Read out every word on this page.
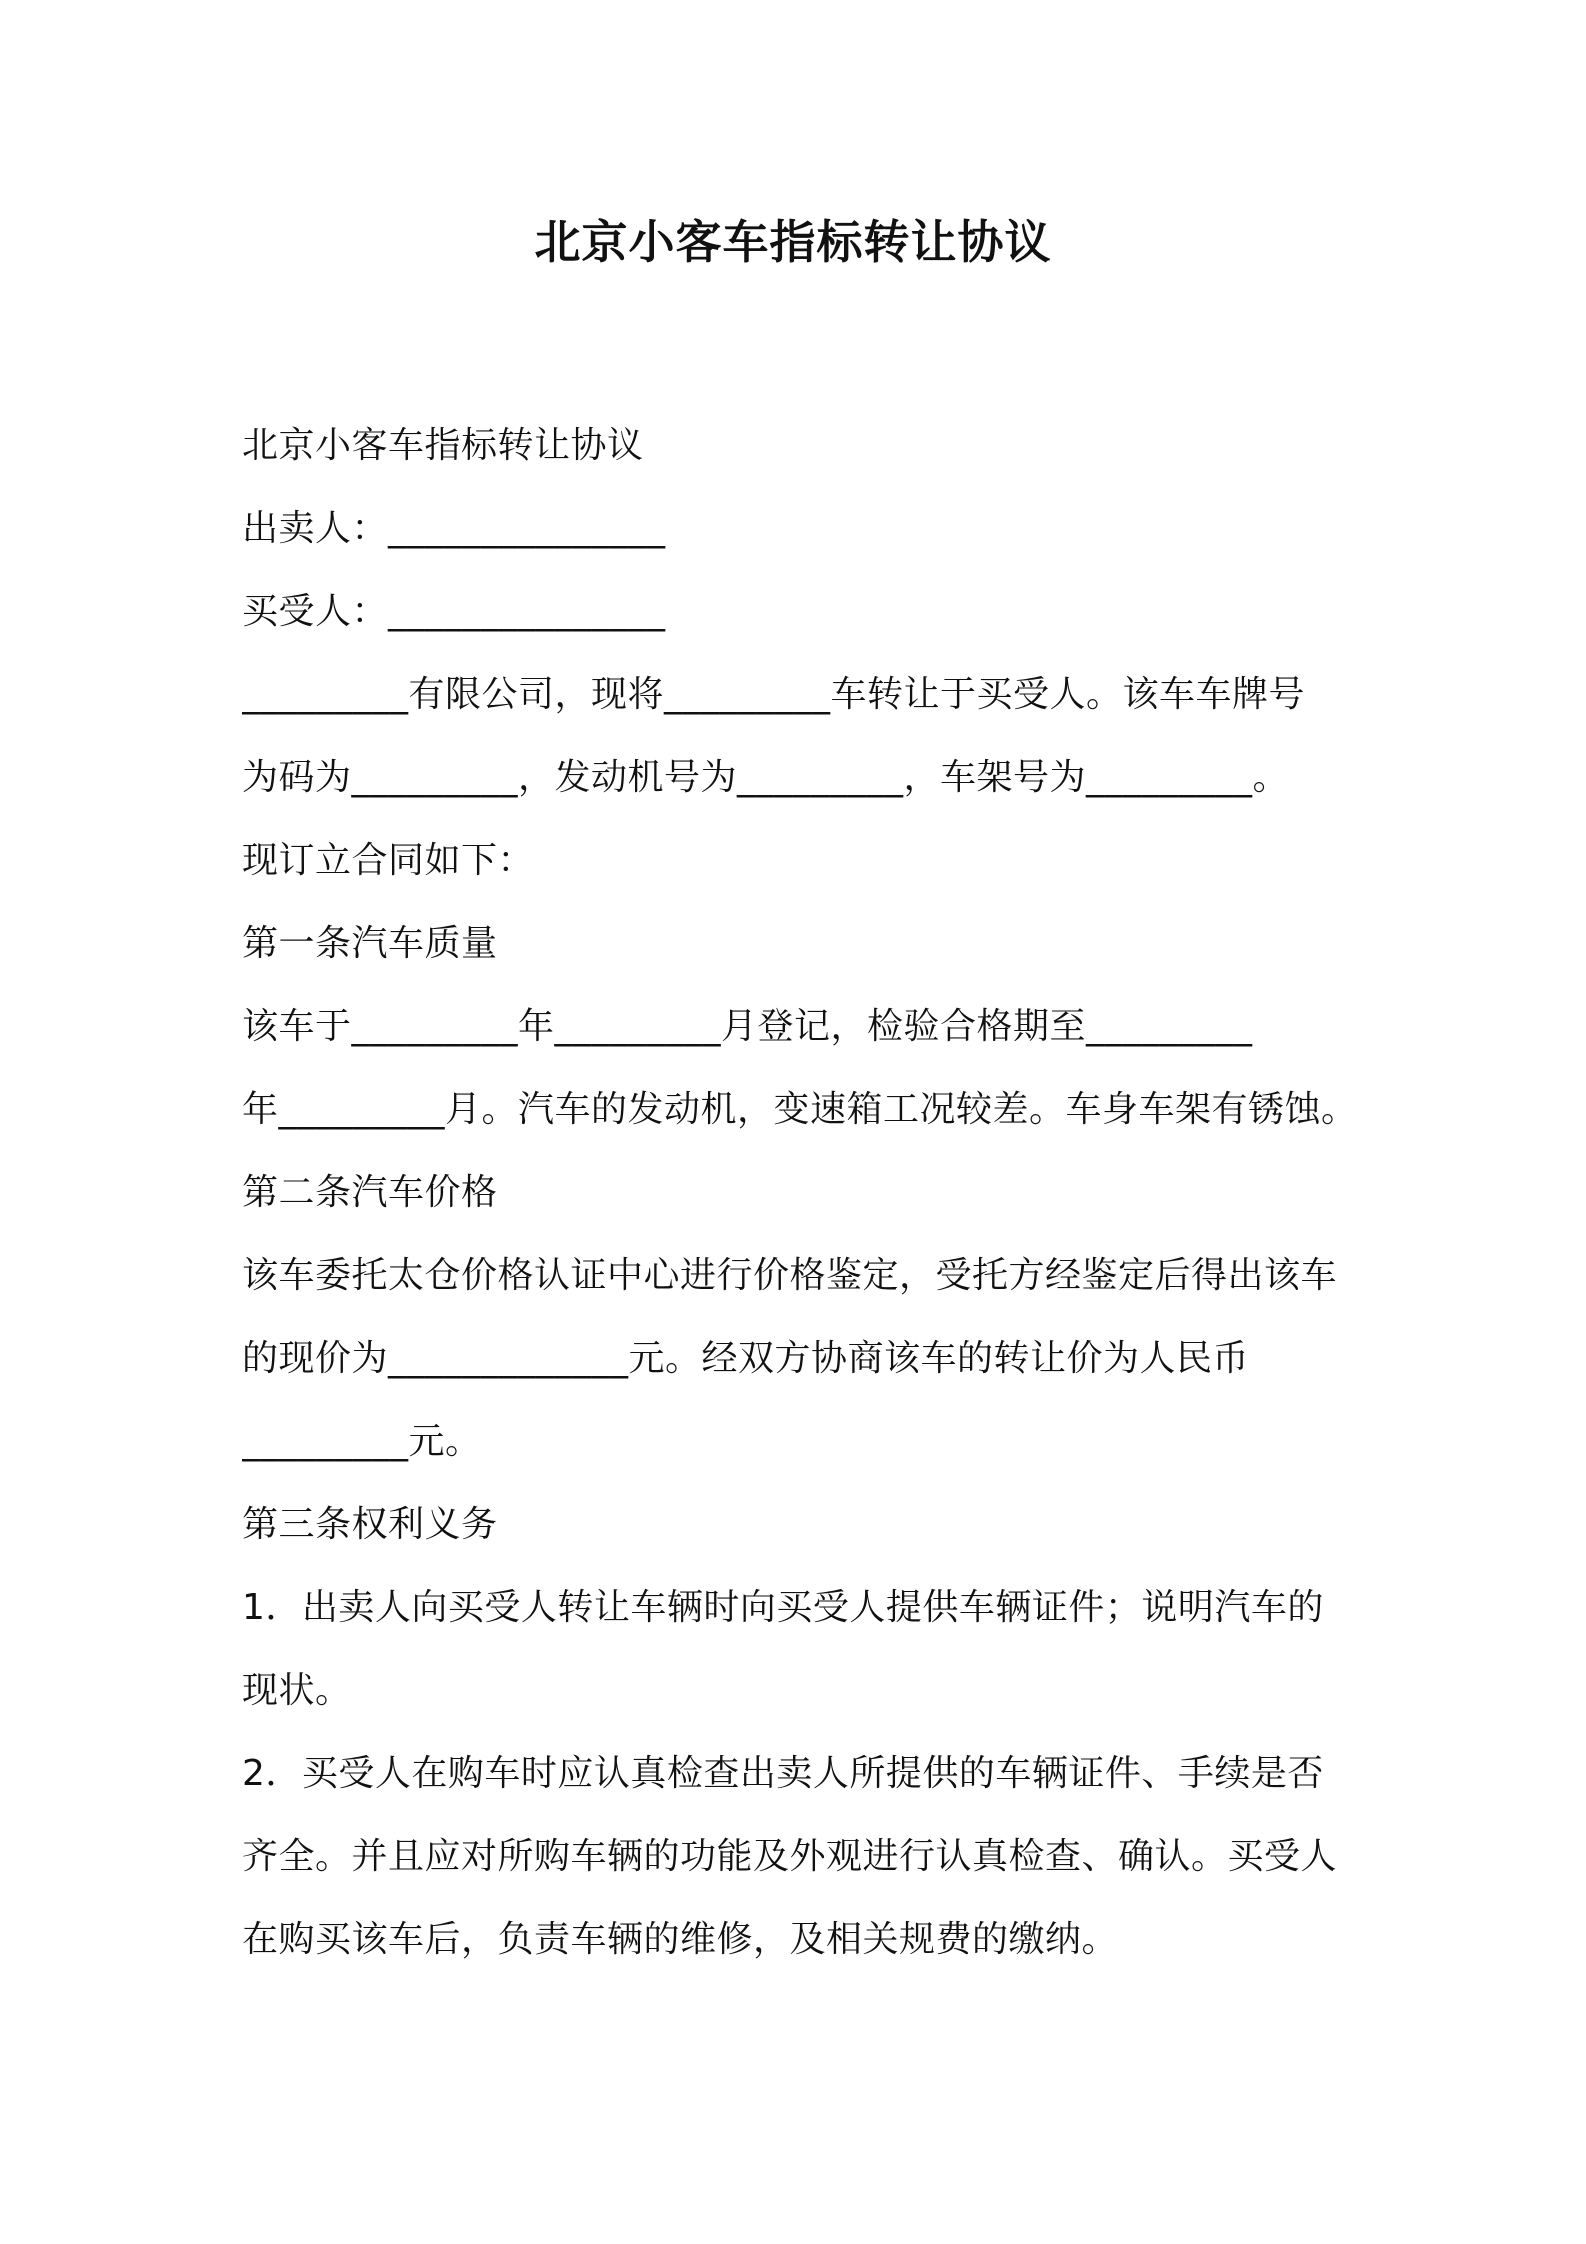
北京小客车指标转让协议
北京小客车指标转让协议
出卖人：_______________
买受人：_______________
_________有限公司，现将_________车转让于买受人。该车车牌号
为码为_________，发动机号为_________，车架号为_________。
现订立合同如下：
第一条汽车质量
该车于_________年_________月登记，检验合格期至_________
年_________月。汽车的发动机，变速箱工况较差。车身车架有锈蚀。
第二条汽车价格
该车委托太仓价格认证中心进行价格鉴定，受托方经鉴定后得出该车
的现价为_____________元。经双方协商该车的转让价为人民币
_________元。
第三条权利义务
1．出卖人向买受人转让车辆时向买受人提供车辆证件；说明汽车的
现状。
2．买受人在购车时应认真检查出卖人所提供的车辆证件、手续是否
齐全。并且应对所购车辆的功能及外观进行认真检查、确认。买受人
在购买该车后，负责车辆的维修，及相关规费的缴纳。
